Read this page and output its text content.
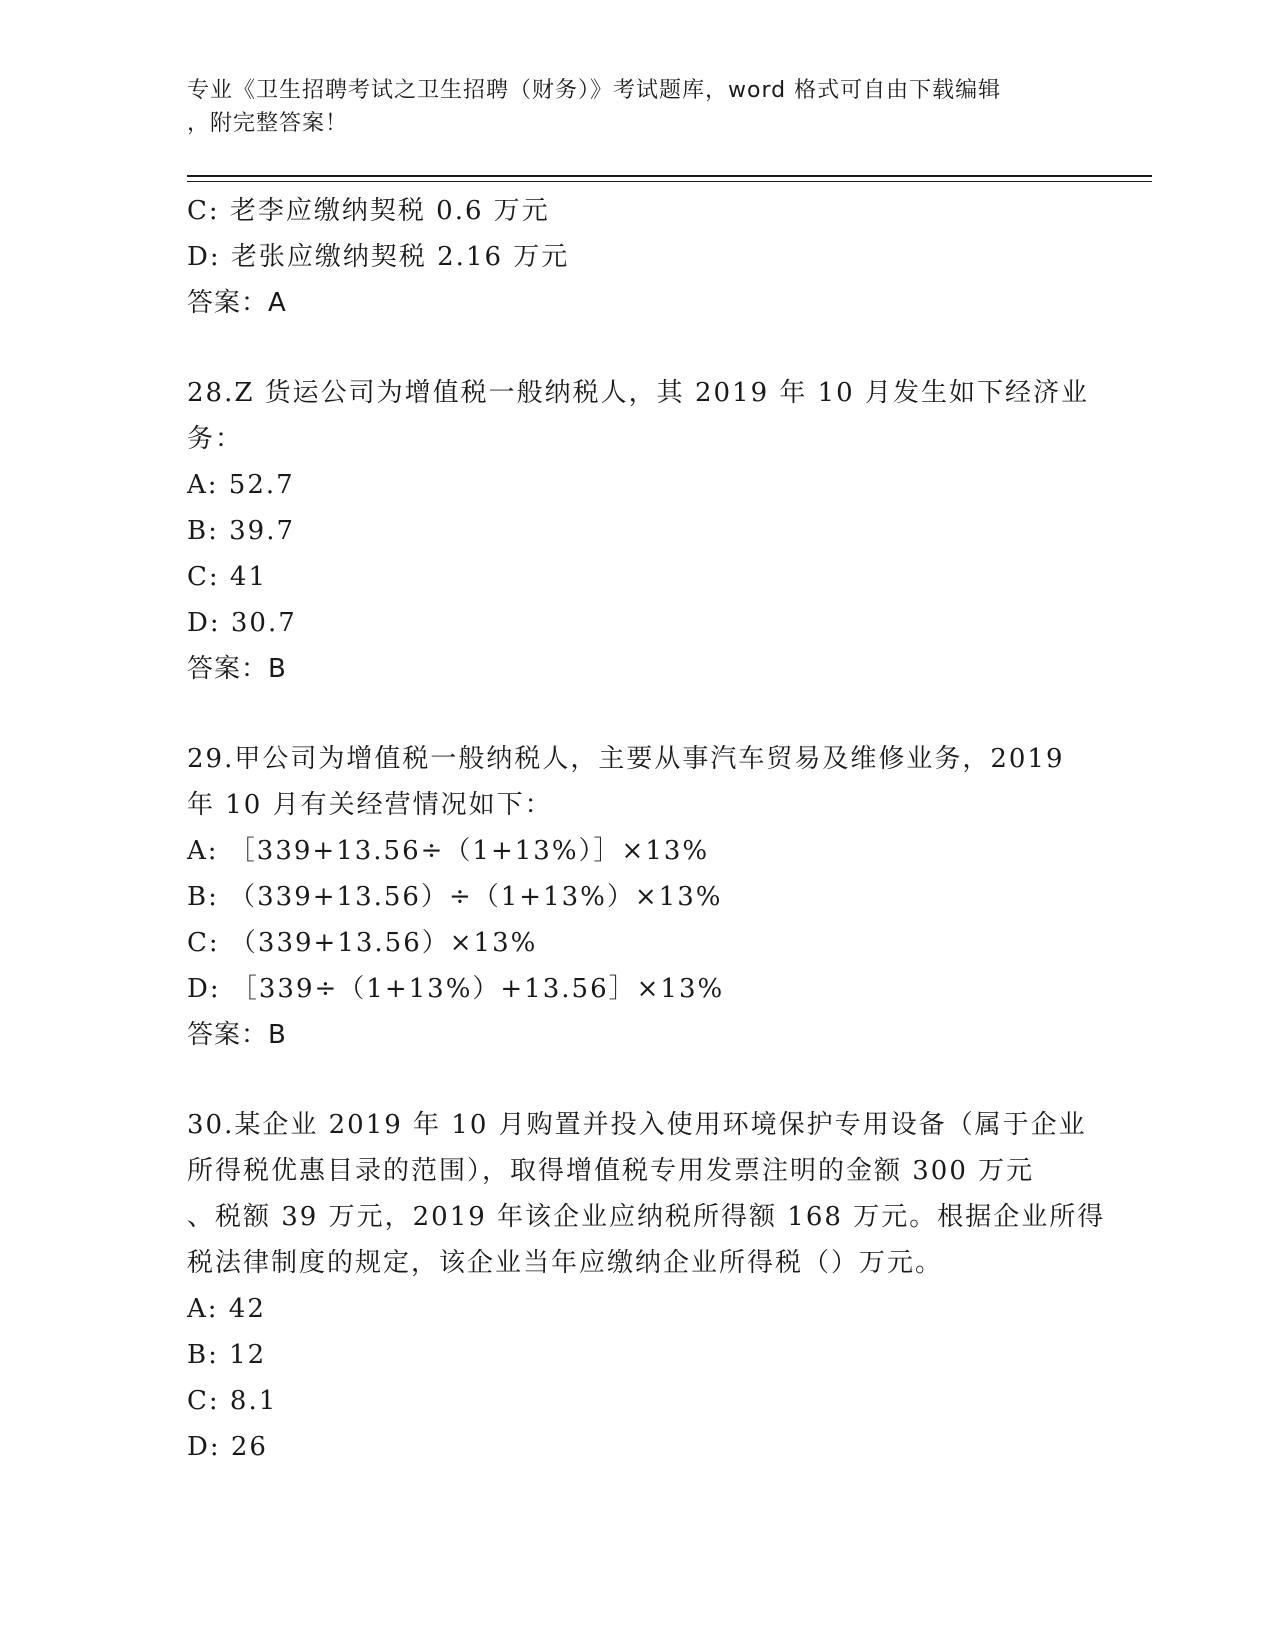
专业《卫生招聘考试之卫生招聘（财务）》考试题库，word 格式可自由下载编辑
，附完整答案！
C: 老李应缴纳契税 0.6 万元
D: 老张应缴纳契税 2.16 万元
答案：A
28.Z 货运公司为增值税一般纳税人，其 2019 年 10 月发生如下经济业
务：
A: 52.7
B: 39.7
C: 41
D: 30.7
答案：B
29.甲公司为增值税一般纳税人，主要从事汽车贸易及维修业务，2019
年 10 月有关经营情况如下：
A: ［339+13.56÷（1+13%）］×13%
B: （339+13.56）÷（1+13%）×13%
C: （339+13.56）×13%
D: ［339÷（1+13%）+13.56］×13%
答案：B
30.某企业 2019 年 10 月购置并投入使用环境保护专用设备（属于企业
所得税优惠目录的范围），取得增值税专用发票注明的金额 300 万元
、税额 39 万元，2019 年该企业应纳税所得额 168 万元。根据企业所得
税法律制度的规定，该企业当年应缴纳企业所得税（）万元。
A: 42
B: 12
C: 8.1
D: 26
